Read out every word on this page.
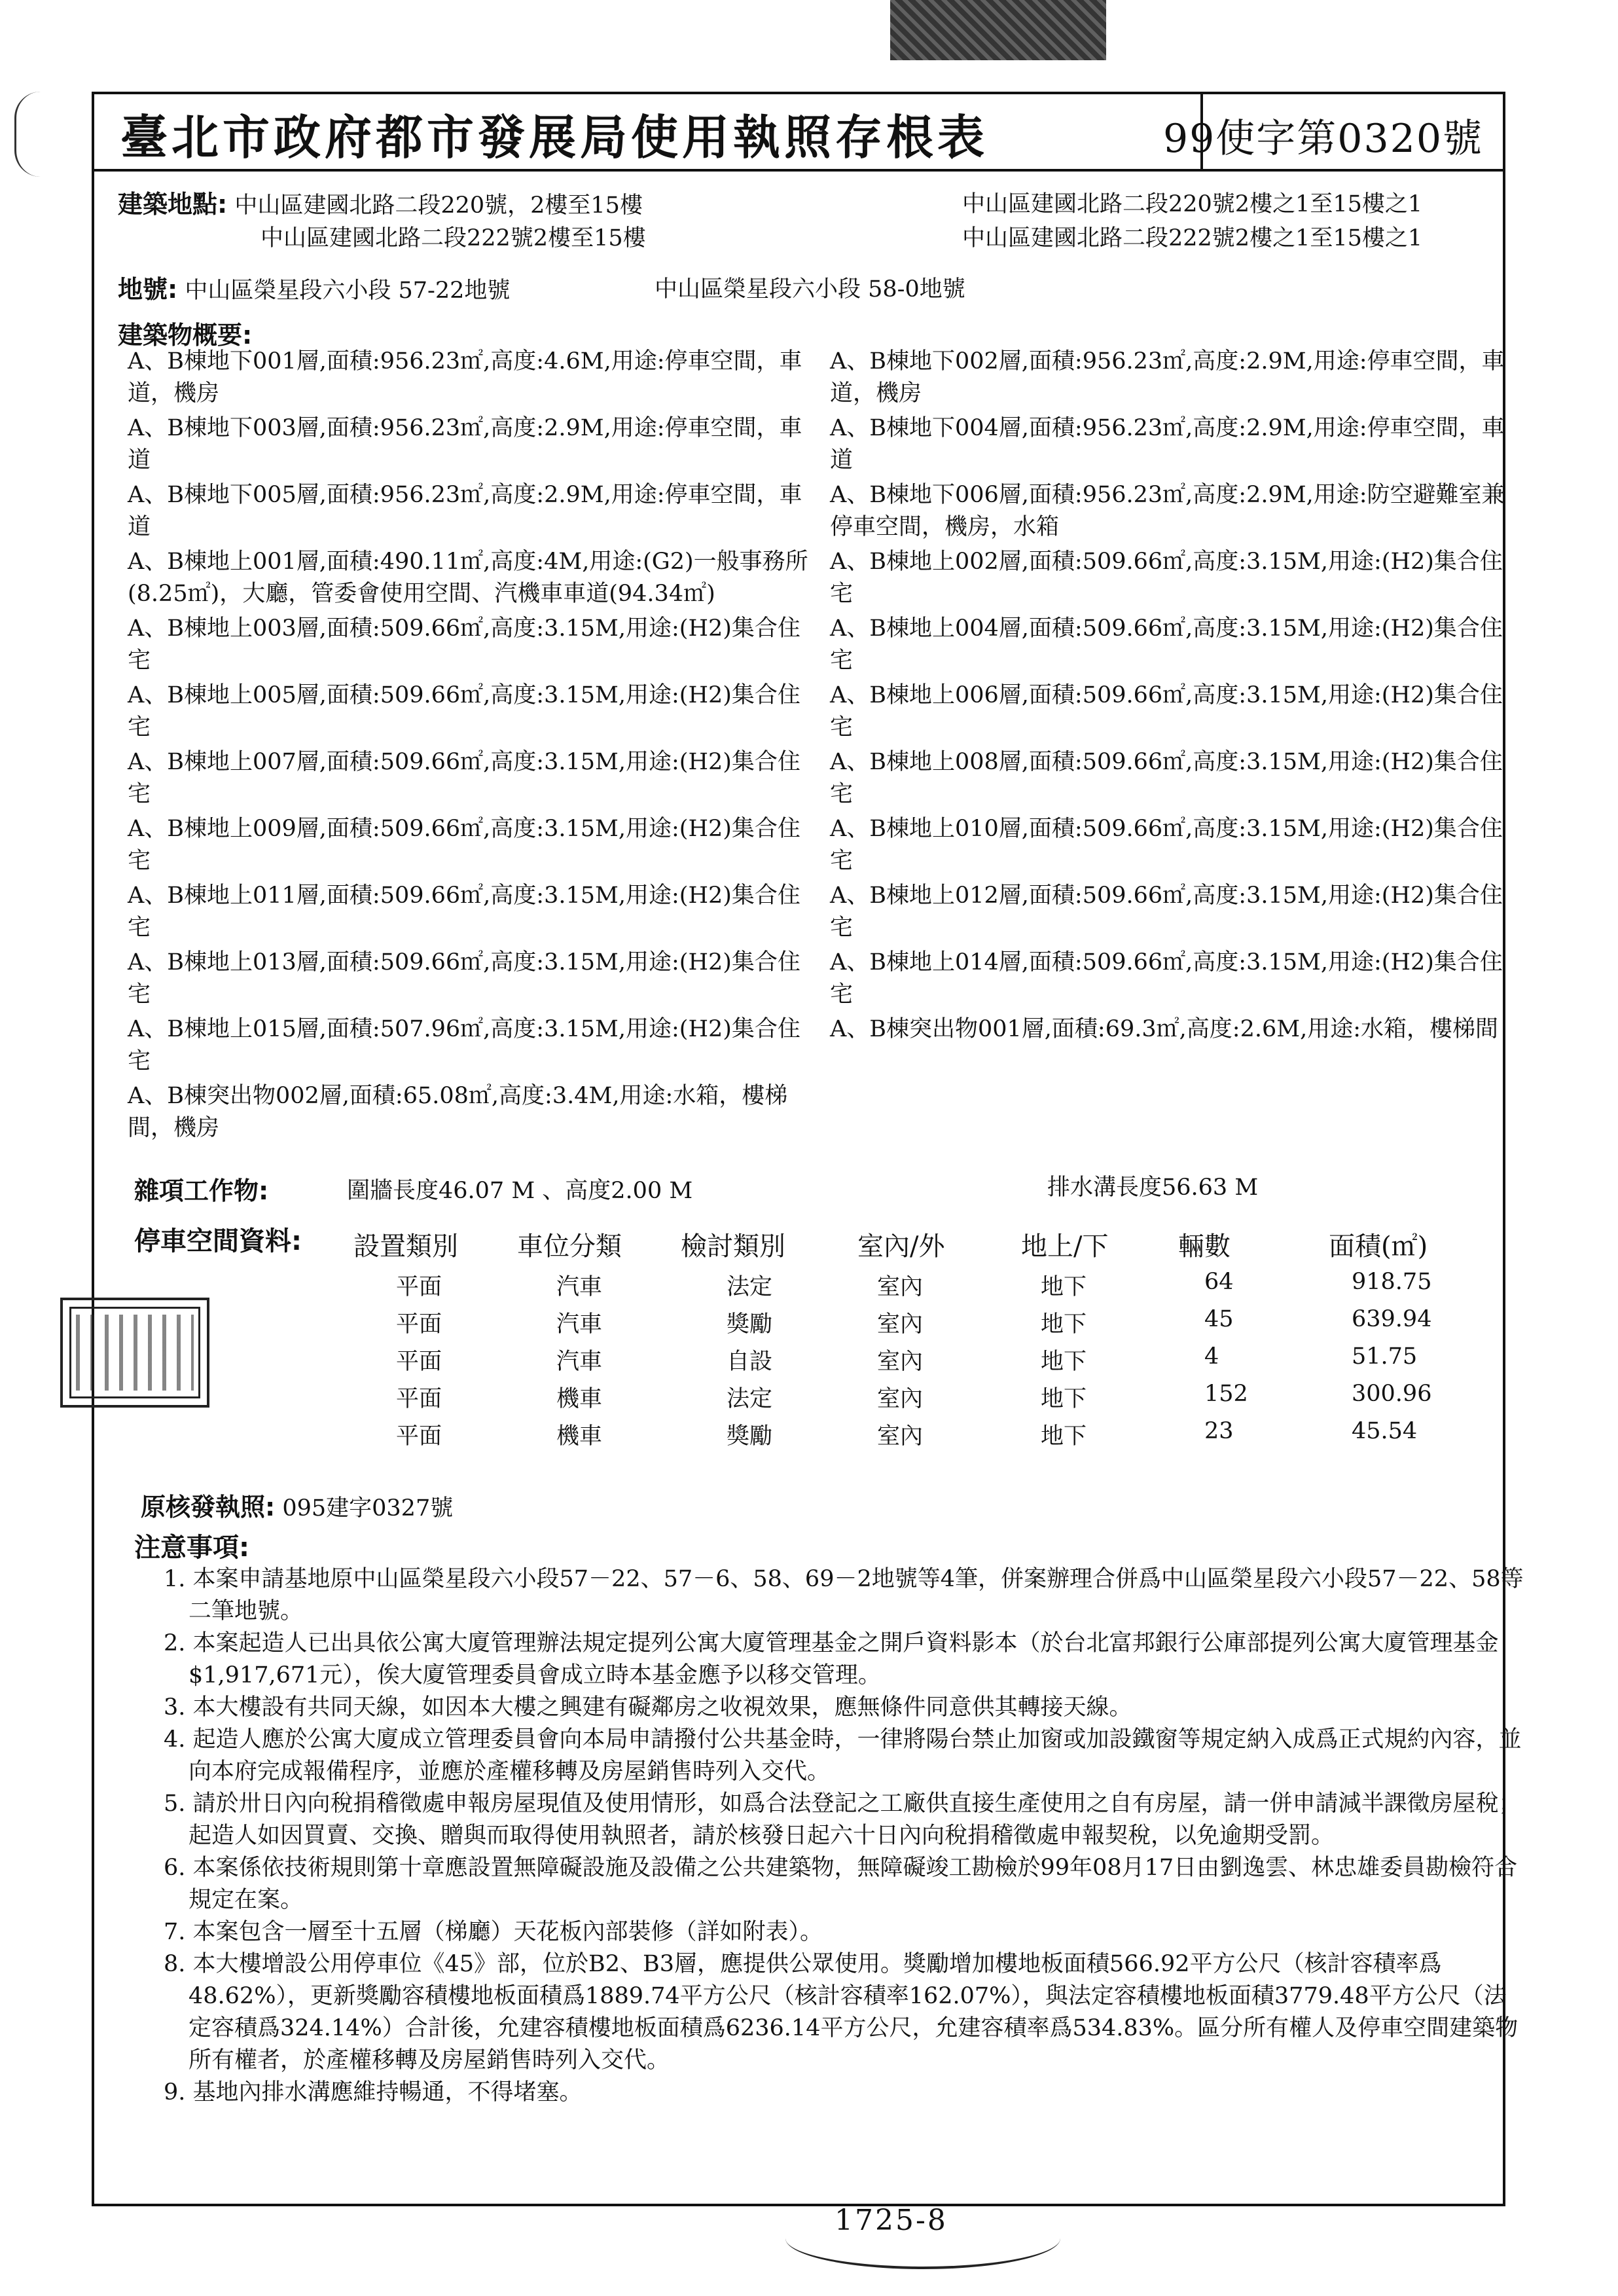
臺北市政府都市發展局使用執照存根表	99使字第0320號
建築地點: 中山區建國北路二段220號，2樓至15樓
中山區建國北路二段222號2樓至15樓
中山區建國北路二段220號2樓之1至15樓之1
中山區建國北路二段222號2樓之1至15樓之1
地號: 中山區榮星段六小段 57-22地號	中山區榮星段六小段 58-0地號
建築物概要:
A、B棟地下001層,面積:956.23㎡,高度:4.6M,用途:停車空間，車道，機房
A、B棟地下003層,面積:956.23㎡,高度:2.9M,用途:停車空間，車道
A、B棟地下005層,面積:956.23㎡,高度:2.9M,用途:停車空間，車道
A、B棟地上001層,面積:490.11㎡,高度:4M,用途:(G2)一般事務所(8.25㎡)，大廳，管委會使用空間、汽機車車道(94.34㎡)
A、B棟地上003層,面積:509.66㎡,高度:3.15M,用途:(H2)集合住宅
A、B棟地上005層,面積:509.66㎡,高度:3.15M,用途:(H2)集合住宅
A、B棟地上007層,面積:509.66㎡,高度:3.15M,用途:(H2)集合住宅
A、B棟地上009層,面積:509.66㎡,高度:3.15M,用途:(H2)集合住宅
A、B棟地上011層,面積:509.66㎡,高度:3.15M,用途:(H2)集合住宅
A、B棟地上013層,面積:509.66㎡,高度:3.15M,用途:(H2)集合住宅
A、B棟地上015層,面積:507.96㎡,高度:3.15M,用途:(H2)集合住宅
A、B棟突出物002層,面積:65.08㎡,高度:3.4M,用途:水箱，樓梯間，機房
A、B棟地下002層,面積:956.23㎡,高度:2.9M,用途:停車空間，車道，機房
A、B棟地下004層,面積:956.23㎡,高度:2.9M,用途:停車空間，車道
A、B棟地下006層,面積:956.23㎡,高度:2.9M,用途:防空避難室兼停車空間，機房，水箱
A、B棟地上002層,面積:509.66㎡,高度:3.15M,用途:(H2)集合住宅
A、B棟地上004層,面積:509.66㎡,高度:3.15M,用途:(H2)集合住宅
A、B棟地上006層,面積:509.66㎡,高度:3.15M,用途:(H2)集合住宅
A、B棟地上008層,面積:509.66㎡,高度:3.15M,用途:(H2)集合住宅
A、B棟地上010層,面積:509.66㎡,高度:3.15M,用途:(H2)集合住宅
A、B棟地上012層,面積:509.66㎡,高度:3.15M,用途:(H2)集合住宅
A、B棟地上014層,面積:509.66㎡,高度:3.15M,用途:(H2)集合住宅
A、B棟突出物001層,面積:69.3㎡,高度:2.6M,用途:水箱，樓梯間
雜項工作物:	圍牆長度46.07 M 、高度2.00 M	排水溝長度56.63 M
停車空間資料: 設置類別 車位分類 檢討類別	室內/外	地上/下	輛數	面積(㎡)
平面	汽車	法定	室內	地下	64	918.75
平面	汽車	獎勵	室內	地下	45	639.94
平面	汽車	自設	室內	地下	4	51.75
平面	機車	法定	室內	地下	152	300.96
平面	機車	獎勵	室內	地下	23	45.54
原核發執照: 095建字0327號
注意事項:
1. 本案申請基地原中山區榮星段六小段57－22、57－6、58、69－2地號等4筆，併案辦理合併爲中山區榮星段六小段57－22、58等二筆地號。
2. 本案起造人已出具依公寓大廈管理辦法規定提列公寓大廈管理基金之開戶資料影本（於台北富邦銀行公庫部提列公寓大廈管理基金$1,917,671元），俟大廈管理委員會成立時本基金應予以移交管理。
3. 本大樓設有共同天線，如因本大樓之興建有礙鄰房之收視效果，應無條件同意供其轉接天線。
4. 起造人應於公寓大廈成立管理委員會向本局申請撥付公共基金時，一律將陽台禁止加窗或加設鐵窗等規定納入成爲正式規約內容，並向本府完成報備程序，並應於產權移轉及房屋銷售時列入交代。
5. 請於卅日內向稅捐稽徵處申報房屋現值及使用情形，如爲合法登記之工廠供直接生產使用之自有房屋，請一併申請減半課徵房屋稅；起造人如因買賣、交換、贈與而取得使用執照者，請於核發日起六十日內向稅捐稽徵處申報契稅，以免逾期受罰。
6. 本案係依技術規則第十章應設置無障礙設施及設備之公共建築物，無障礙竣工勘檢於99年08月17日由劉逸雲、林忠雄委員勘檢符合規定在案。
7. 本案包含一層至十五層（梯廳）天花板內部裝修（詳如附表）。
8. 本大樓增設公用停車位《45》部，位於B2、B3層，應提供公眾使用。獎勵增加樓地板面積566.92平方公尺（核計容積率爲48.62%），更新獎勵容積樓地板面積爲1889.74平方公尺（核計容積率162.07%），與法定容積樓地板面積3779.48平方公尺（法定容積爲324.14%）合計後，允建容積樓地板面積爲6236.14平方公尺，允建容積率爲534.83%。區分所有權人及停車空間建築物所有權者，於產權移轉及房屋銷售時列入交代。
9. 基地內排水溝應維持暢通，不得堵塞。
1725-8
